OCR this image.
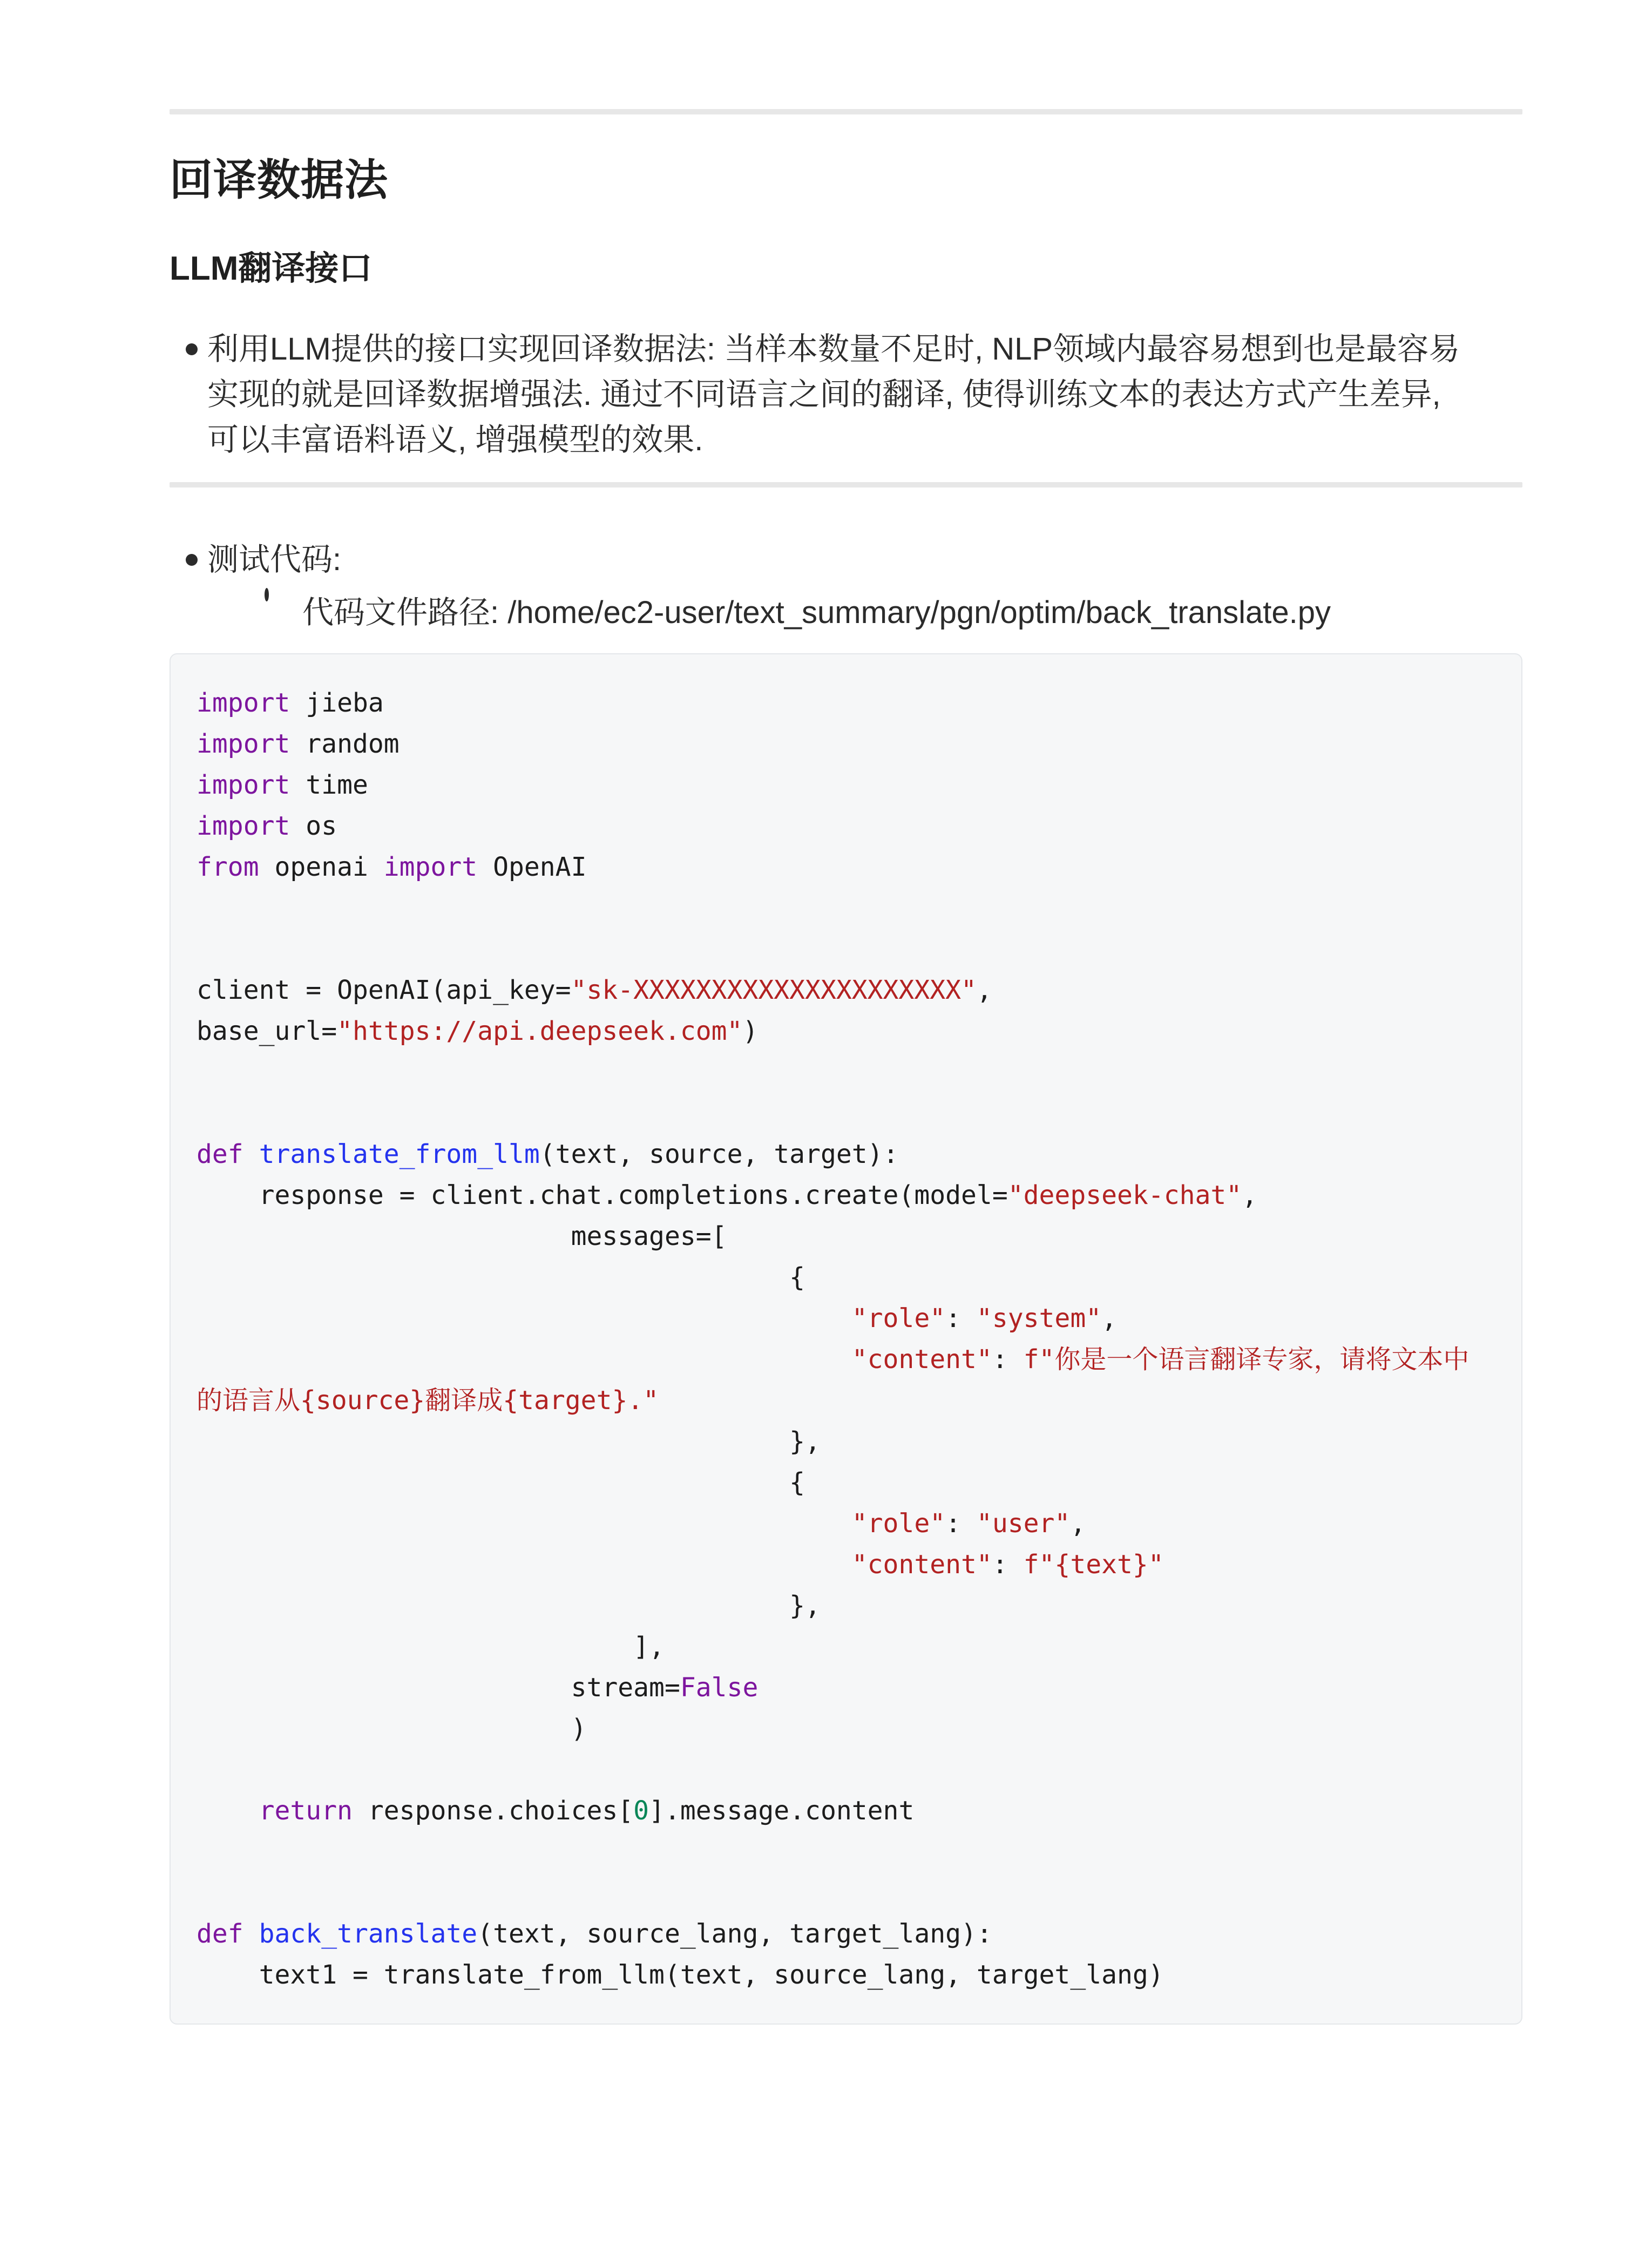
回译数据法
LLM翻译接口
利用LLM提供的接口实现回译数据法: 当样本数量不足时, NLP领域内最容易想到也是最容易实现的就是回译数据增强法. 通过不同语言之间的翻译, 使得训练文本的表达方式产生差异, 可以丰富语料语义, 增强模型的效果.
测试代码:
代码文件路径: /home/ec2-user/text_summary/pgn/optim/back_translate.py
import jieba
import random
import time
import os
from openai import OpenAI

client = OpenAI(api_key="sk-XXXXXXXXXXXXXXXXXXXXX",
base_url="https://api.deepseek.com")

def translate_from_llm(text, source, target):
response = client.chat.completions.create(model="deepseek-chat",
messages=[
{
"role": "system",
"content": f"你是一个语言翻译专家，请将文本中
的语言从{source}翻译成{target}."
},
{
"role": "user",
"content": f"{text}"
},
],
stream=False
)

return response.choices[0].message.content

def back_translate(text, source_lang, target_lang):
text1 = translate_from_llm(text, source_lang, target_lang)
